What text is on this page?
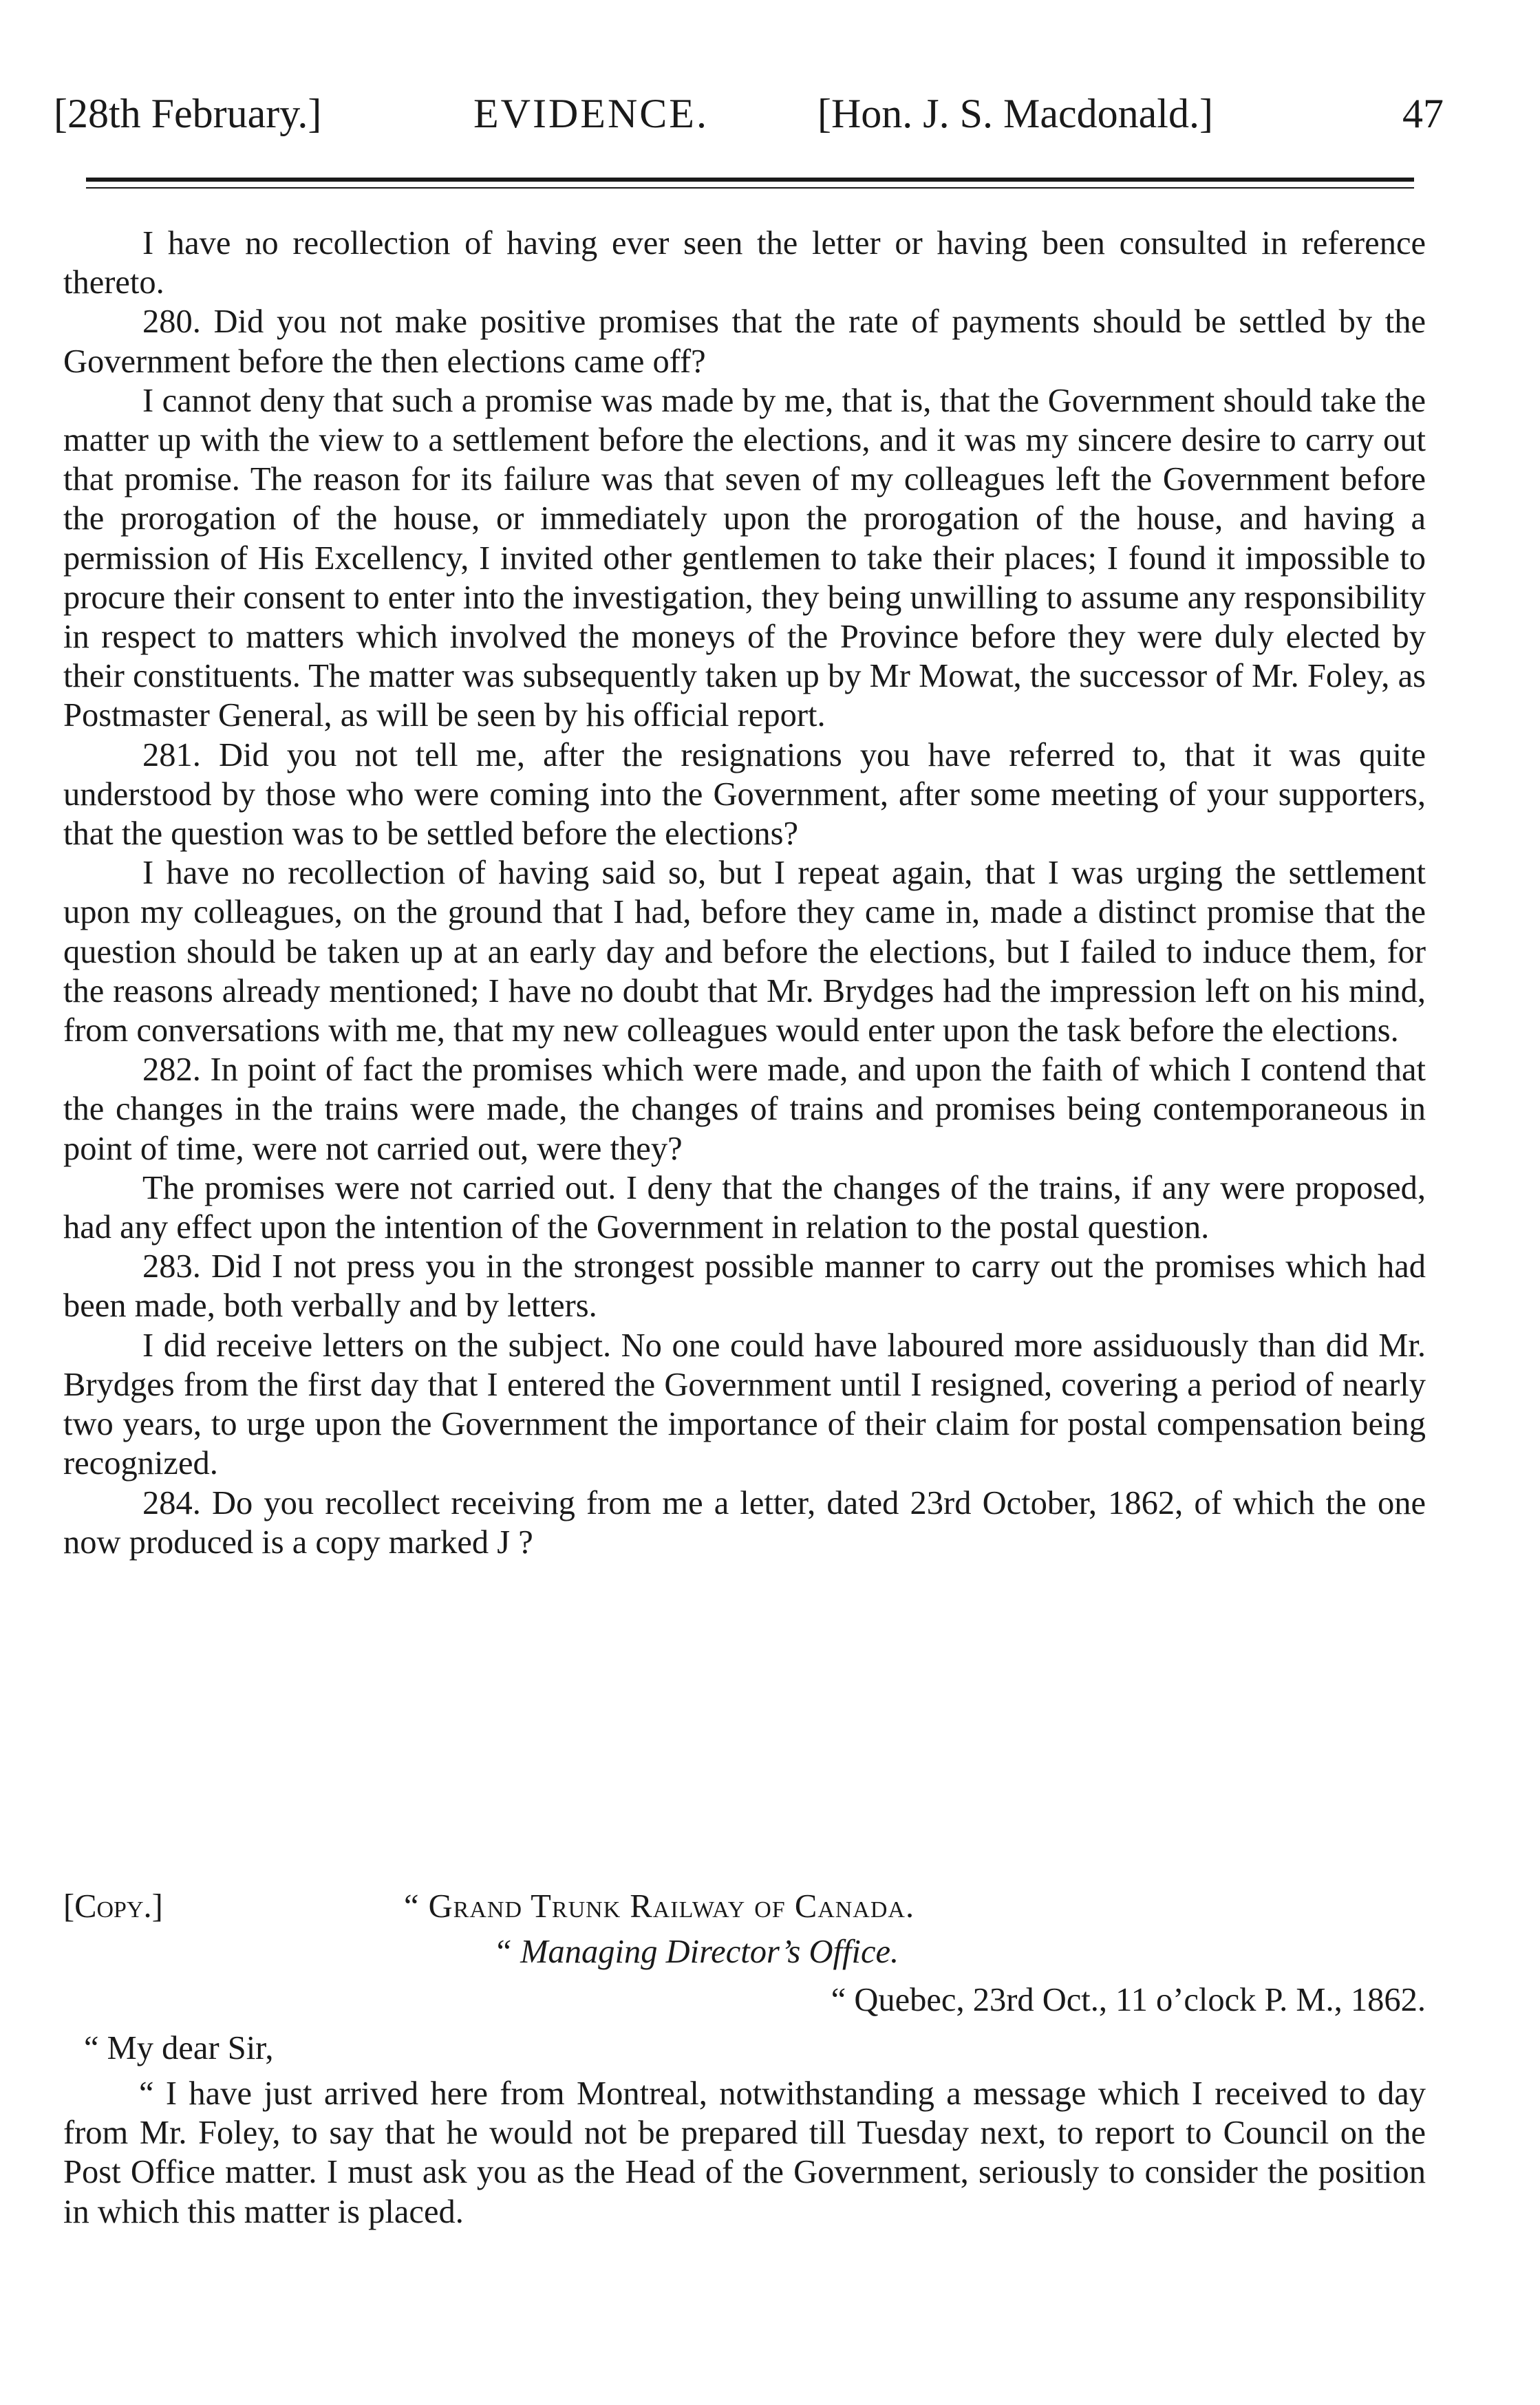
[28th February.]	EVIDENCE.	[Hon. J. S. Macdonald.]	47

I have no recollection of having ever seen the letter or having been consulted in reference thereto.

280. Did you not make positive promises that the rate of payments should be settled by the Government before the then elections came off?

I cannot deny that such a promise was made by me, that is, that the Government should take the matter up with the view to a settlement before the elections, and it was my sincere desire to carry out that promise. The reason for its failure was that seven of my colleagues left the Government before the prorogation of the house, or immediately upon the prorogation of the house, and having a permission of His Excellency, I invited other gentlemen to take their places; I found it impossible to procure their consent to enter into the investigation, they being unwilling to assume any responsibility in respect to matters which involved the moneys of the Province before they were duly elected by their constituents. The matter was subsequently taken up by Mr Mowat, the successor of Mr. Foley, as Postmaster General, as will be seen by his official report.

281. Did you not tell me, after the resignations you have referred to, that it was quite understood by those who were coming into the Government, after some meeting of your supporters, that the question was to be settled before the elections?

I have no recollection of having said so, but I repeat again, that I was urging the settlement upon my colleagues, on the ground that I had, before they came in, made a distinct promise that the question should be taken up at an early day and before the elections, but I failed to induce them, for the reasons already mentioned; I have no doubt that Mr. Brydges had the impression left on his mind, from conversations with me, that my new colleagues would enter upon the task before the elections.

282. In point of fact the promises which were made, and upon the faith of which I contend that the changes in the trains were made, the changes of trains and promises being contemporaneous in point of time, were not carried out, were they?

The promises were not carried out. I deny that the changes of the trains, if any were proposed, had any effect upon the intention of the Government in relation to the postal question.

283. Did I not press you in the strongest possible manner to carry out the promises which had been made, both verbally and by letters.

I did receive letters on the subject. No one could have laboured more assiduously than did Mr. Brydges from the first day that I entered the Government until I resigned, covering a period of nearly two years, to urge upon the Government the importance of their claim for postal compensation being recognized.

284. Do you recollect receiving from me a letter, dated 23rd October, 1862, of which the one now produced is a copy marked J ?

[Copy.]	“ Grand Trunk Railway of Canada.
“ Managing Director’s Office.
“ Quebec, 23rd Oct., 11 o’clock P. M., 1862.
“ My dear Sir,

“ I have just arrived here from Montreal, notwithstanding a message which I received to day from Mr. Foley, to say that he would not be prepared till Tuesday next, to report to Council on the Post Office matter. I must ask you as the Head of the Government, seriously to consider the position in which this matter is placed.
